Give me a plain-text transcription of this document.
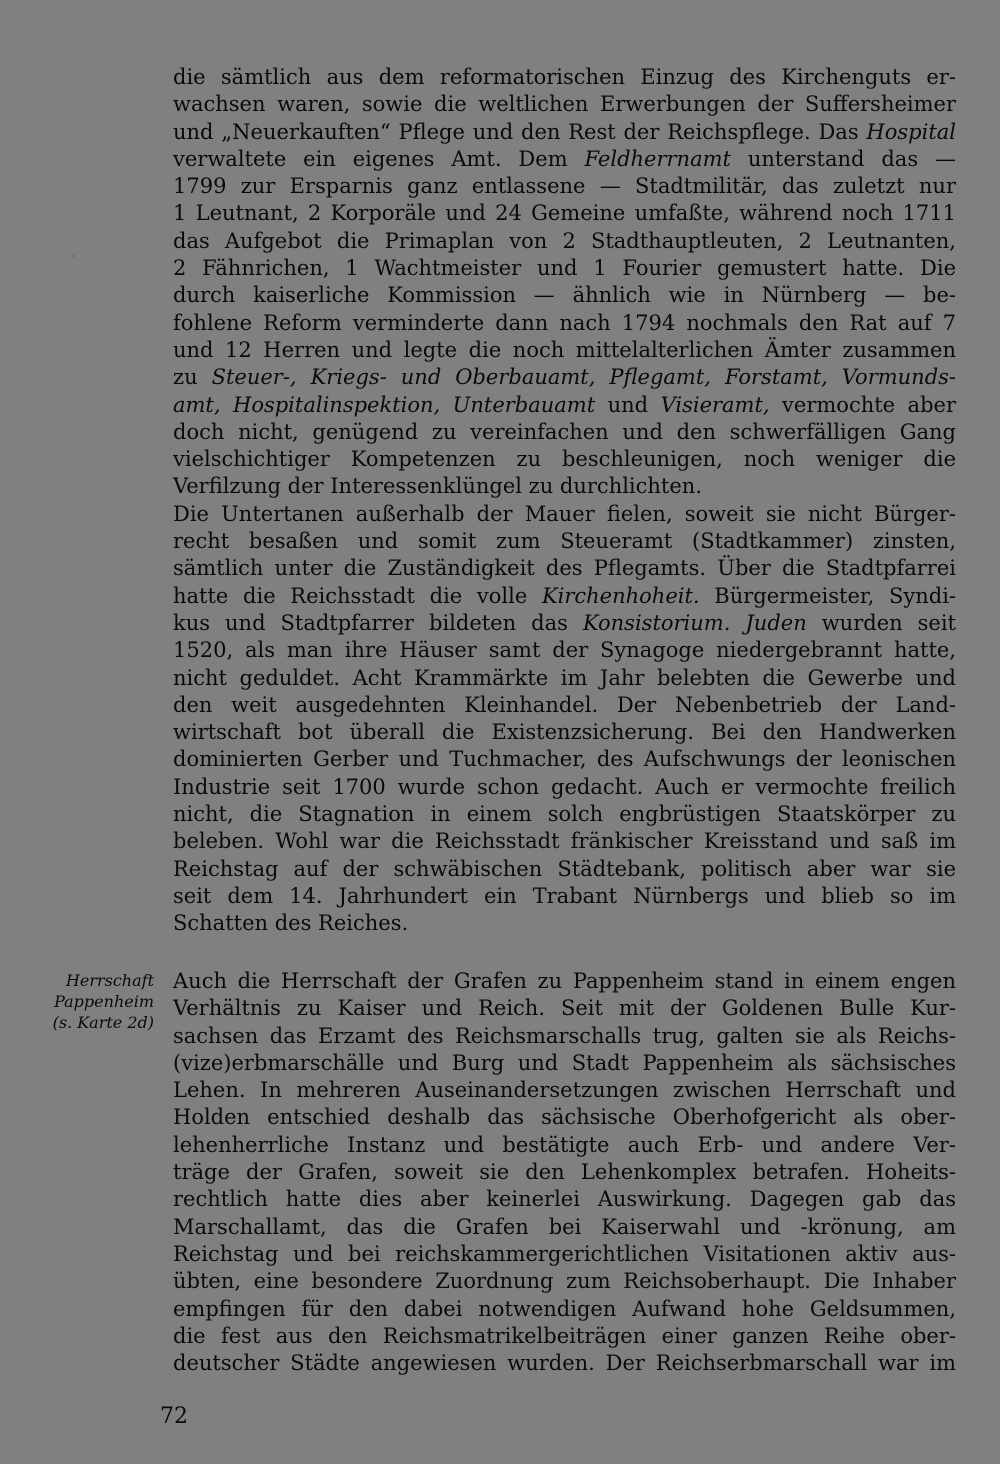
die sämtlich aus dem reformatorischen Einzug des Kirchenguts er-
wachsen waren, sowie die weltlichen Erwerbungen der Suffersheimer
und „Neuerkauften“ Pflege und den Rest der Reichspflege. Das Hospital
verwaltete ein eigenes Amt. Dem Feldherrnamt unterstand das —
1799 zur Ersparnis ganz entlassene — Stadtmilitär, das zuletzt nur
1 Leutnant, 2 Korporäle und 24 Gemeine umfaßte, während noch 1711
das Aufgebot die Primaplan von 2 Stadthauptleuten, 2 Leutnanten,
2 Fähnrichen, 1 Wachtmeister und 1 Fourier gemustert hatte. Die
durch kaiserliche Kommission — ähnlich wie in Nürnberg — be-
fohlene Reform verminderte dann nach 1794 nochmals den Rat auf 7
und 12 Herren und legte die noch mittelalterlichen Ämter zusammen
zu Steuer-, Kriegs- und Oberbauamt, Pflegamt, Forstamt, Vormunds-
amt, Hospitalinspektion, Unterbauamt und Visieramt, vermochte aber
doch nicht, genügend zu vereinfachen und den schwerfälligen Gang
vielschichtiger Kompetenzen zu beschleunigen, noch weniger die
Verfilzung der Interessenklüngel zu durchlichten.
Die Untertanen außerhalb der Mauer fielen, soweit sie nicht Bürger-
recht besaßen und somit zum Steueramt (Stadtkammer) zinsten,
sämtlich unter die Zuständigkeit des Pflegamts. Über die Stadtpfarrei
hatte die Reichsstadt die volle Kirchenhoheit. Bürgermeister, Syndi-
kus und Stadtpfarrer bildeten das Konsistorium. Juden wurden seit
1520, als man ihre Häuser samt der Synagoge niedergebrannt hatte,
nicht geduldet. Acht Krammärkte im Jahr belebten die Gewerbe und
den weit ausgedehnten Kleinhandel. Der Nebenbetrieb der Land-
wirtschaft bot überall die Existenzsicherung. Bei den Handwerken
dominierten Gerber und Tuchmacher, des Aufschwungs der leonischen
Industrie seit 1700 wurde schon gedacht. Auch er vermochte freilich
nicht, die Stagnation in einem solch engbrüstigen Staatskörper zu
beleben. Wohl war die Reichsstadt fränkischer Kreisstand und saß im
Reichstag auf der schwäbischen Städtebank, politisch aber war sie
seit dem 14. Jahrhundert ein Trabant Nürnbergs und blieb so im
Schatten des Reiches.
Herrschaft
Pappenheim
(s. Karte 2d)
Auch die Herrschaft der Grafen zu Pappenheim stand in einem engen
Verhältnis zu Kaiser und Reich. Seit mit der Goldenen Bulle Kur-
sachsen das Erzamt des Reichsmarschalls trug, galten sie als Reichs-
(vize)erbmarschälle und Burg und Stadt Pappenheim als sächsisches
Lehen. In mehreren Auseinandersetzungen zwischen Herrschaft und
Holden entschied deshalb das sächsische Oberhofgericht als ober-
lehenherrliche Instanz und bestätigte auch Erb- und andere Ver-
träge der Grafen, soweit sie den Lehenkomplex betrafen. Hoheits-
rechtlich hatte dies aber keinerlei Auswirkung. Dagegen gab das
Marschallamt, das die Grafen bei Kaiserwahl und -krönung, am
Reichstag und bei reichskammergerichtlichen Visitationen aktiv aus-
übten, eine besondere Zuordnung zum Reichsoberhaupt. Die Inhaber
empfingen für den dabei notwendigen Aufwand hohe Geldsummen,
die fest aus den Reichsmatrikelbeiträgen einer ganzen Reihe ober-
deutscher Städte angewiesen wurden. Der Reichserbmarschall war im
72
